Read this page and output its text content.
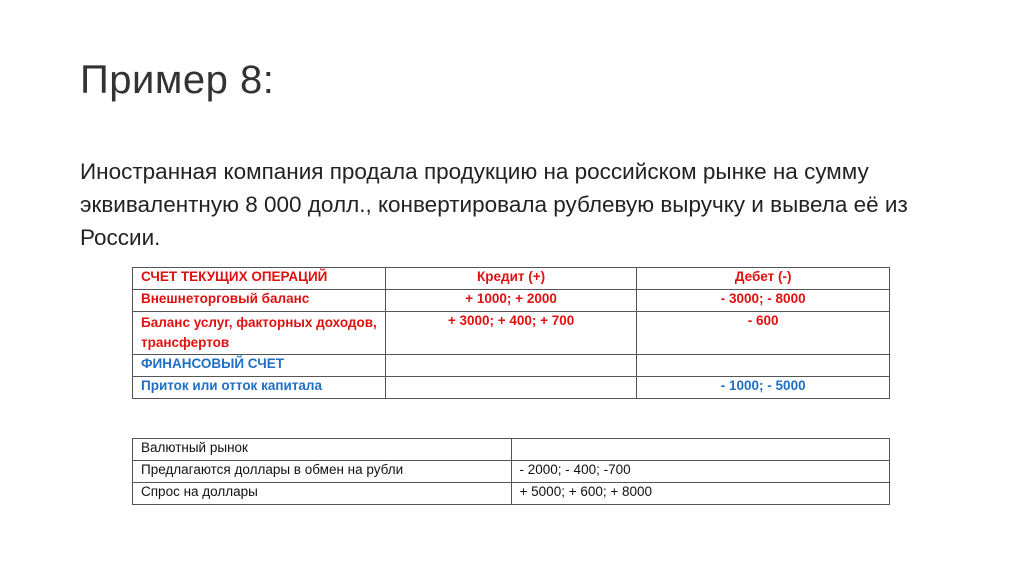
Пример 8:
Иностранная компания продала продукцию на российском рынке на сумму эквивалентную 8 000 долл., конвертировала рублевую выручку и вывела её из России.
СЧЕТ ТЕКУЩИХ ОПЕРАЦИЙ	Кредит (+)	Дебет (-)
Внешнеторговый баланс	+ 1000; + 2000	- 3000; - 8000
Баланс услуг, факторных доходов, трансфертов	+ 3000; + 400; + 700	- 600
ФИНАНСОВЫЙ СЧЕТ		
Приток или отток капитала		- 1000; - 5000
Валютный рынок	
Предлагаются доллары в обмен на рубли	- 2000; - 400; -700
Спрос на доллары	+ 5000; + 600; + 8000
